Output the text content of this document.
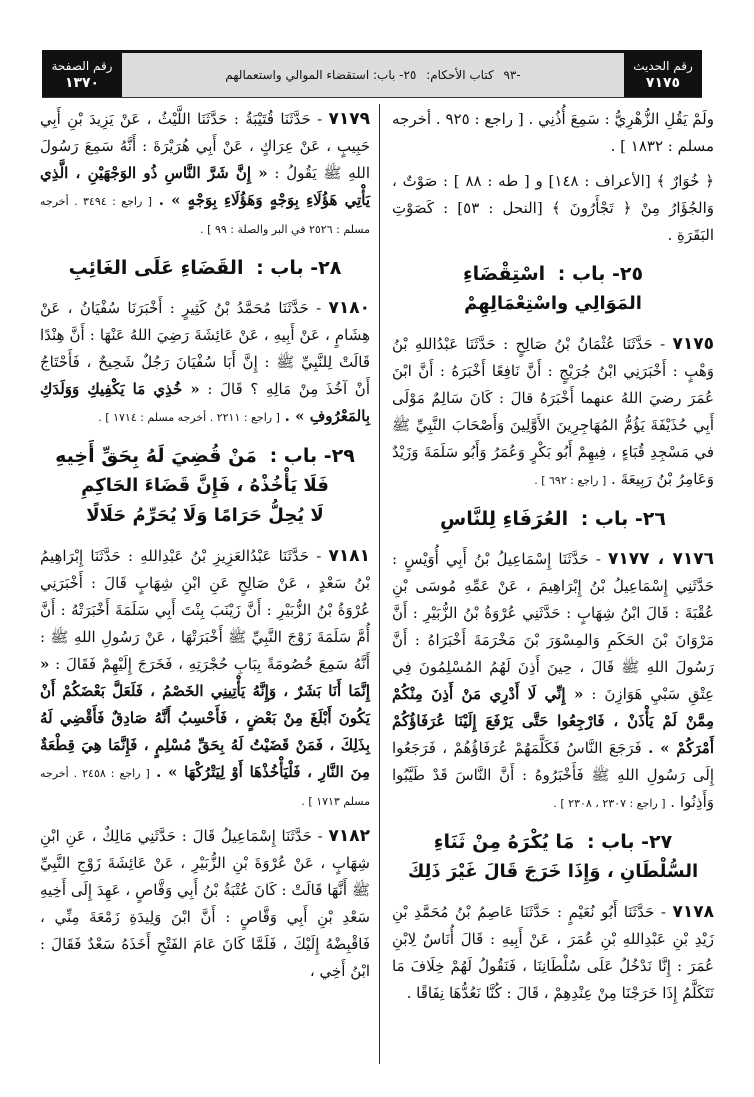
رقم الحديث
٧١٧٥
-٩٣ كتاب الأحكام: ٢٥- باب: استقضاء الموالي واستعمالهم
رقم الصفحة
١٣٧٠

ولَمْ يَقُلِ الزُّهْرِيُّ : سَمِعَ أُذُنِي . [ راجع : ٩٢٥ . أخرجه مسلم : ١٨٣٢ ] .

﴿ خُوَارٌ ﴾ [الأعراف : ١٤٨] و [ طه : ٨٨ ] : صَوْتٌ ، وَالجُؤَارُ مِنْ ﴿ تَجْأَرُونَ ﴾ [النحل : ٥٣] : كَصَوْتِ البَقَرَةِ .

٢٥- باب : اسْتِقْضَاءِ
المَوَالِي واسْتِعْمَالِهِمْ

٧١٧٥ - حَدَّثَنَا عُثْمَانُ بْنُ صَالِحٍ : حَدَّثَنَا عَبْدُاللهِ بْنُ وَهْبٍ : أَخْبَرَنِي ابْنُ جُرَيْجٍ : أَنَّ نَافِعًا أَخْبَرَهُ : أَنَّ ابْنَ عُمَرَ رضيَ اللهُ عنهما أَخْبَرَهُ قالَ : كَانَ سَالِمٌ مَوْلَى أَبِي حُذَيْفَةَ يَؤُمُّ المُهَاجِرِينَ الأَوَّلِينَ وَأَصْحَابَ النَّبِيِّ ﷺ في مَسْجِدِ قُبَاءٍ ، فِيهِمْ أَبُو بَكْرٍ وَعُمَرُ وَأَبُو سَلَمَةَ وَزَيْدٌ وَعَامِرُ بْنُ رَبِيعَةَ . [ راجع : ٦٩٢ ] .

٢٦- باب : العُرَفَاءِ لِلنَّاسِ

٧١٧٦ ، ٧١٧٧ - حَدَّثَنَا إِسْمَاعِيلُ بْنُ أَبِي أُوَيْسٍ : حَدَّثَنِي إِسْمَاعِيلُ بْنُ إِبْرَاهِيمَ ، عَنْ عَمِّهِ مُوسَى بْنِ عُقْبَةَ : قَالَ ابْنُ شِهَابٍ : حَدَّثَنِي عُرْوَةُ بْنُ الزُّبَيْرِ : أَنَّ مَرْوَانَ بْنَ الحَكَمِ وَالمِسْوَرَ بْنَ مَخْرَمَةَ أَخْبَرَاهُ : أَنَّ رَسُولَ اللهِ ﷺ قَالَ ، حِينَ أَذِنَ لَهُمُ المُسْلِمُونَ فِي عِتْقِ سَبْيِ هَوَازِنَ : « إِنِّي لَا أَدْرِي مَنْ أَذِنَ مِنْكُمْ مِمَّنْ لَمْ يَأْذَنْ ، فَارْجِعُوا حَتَّى يَرْفَعَ إِلَيْنَا عُرَفَاؤُكُمْ أَمْرَكُمْ » . فَرَجَعَ النَّاسُ فَكَلَّمَهُمْ عُرَفَاؤُهُمْ ، فَرَجَعُوا إِلَى رَسُولِ اللهِ ﷺ فَأَخْبَرُوهُ : أَنَّ النَّاسَ قَدْ طَيَّبُوا وَأَذِنُوا . [ راجع : ٢٣٠٧ ، ٢٣٠٨ ] .

٢٧- باب : مَا يُكْرَهُ مِنْ ثَنَاءِ
السُّلْطَانِ ، وَإِذَا خَرَجَ قَالَ غَيْرَ ذَلِكَ

٧١٧٨ - حَدَّثَنَا أَبُو نُعَيْمٍ : حَدَّثَنَا عَاصِمُ بْنُ مُحَمَّدِ بْنِ زَيْدِ بْنِ عَبْدِاللهِ بْنِ عُمَرَ ، عَنْ أَبِيهِ : قَالَ أُنَاسٌ لِابْنِ عُمَرَ : إِنَّا نَدْخُلُ عَلَى سُلْطَانِنَا ، فَنَقُولُ لَهُمْ خِلَافَ مَا نَتَكَلَّمُ إِذَا خَرَجْنَا مِنْ عِنْدِهِمْ ، قَالَ : كُنَّا نَعُدُّهَا نِفَاقًا .

٧١٧٩ - حَدَّثَنَا قُتَيْبَةُ : حَدَّثَنَا اللَّيْثُ ، عَنْ يَزِيدَ بْنِ أَبِي حَبِيبٍ ، عَنْ عِرَاكٍ ، عَنْ أَبِي هُرَيْرَةَ : أَنَّهُ سَمِعَ رَسُولَ اللهِ ﷺ يَقُولُ : « إِنَّ شَرَّ النَّاسِ ذُو الوَجْهَيْنِ ، الَّذِي يَأْتِي هَؤُلَاءِ بِوَجْهٍ وَهَؤُلَاءِ بِوَجْهٍ » . [ راجع : ٣٤٩٤ . أخرجه مسلم : ٢٥٢٦ في البر والصلة : ٩٩ ] .

٢٨- باب : القَضَاءِ عَلَى الغَائِبِ

٧١٨٠ - حَدَّثَنَا مُحَمَّدُ بْنُ كَثِيرٍ : أَخْبَرَنَا سُفْيَانُ ، عَنْ هِشَامٍ ، عَنْ أَبِيهِ ، عَنْ عَائِشَةَ رَضِيَ اللهُ عَنْهَا : أَنَّ هِنْدًا قَالَتْ لِلنَّبِيِّ ﷺ : إِنَّ أَبَا سُفْيَانَ رَجُلٌ شَحِيحٌ ، فَأَحْتَاجُ أَنْ آخُذَ مِنْ مَالِهِ ؟ قَالَ : « خُذِي مَا يَكْفِيكِ وَوَلَدَكِ بِالمَعْرُوفِ » . [ راجع : ٢٢١١ . أخرجه مسلم : ١٧١٤ ] .

٢٩- باب : مَنْ قُضِيَ لَهُ بِحَقِّ أَخِيهِ
فَلَا يَأْخُذْهُ ، فَإِنَّ قَضَاءَ الحَاكِمِ
لَا يُحِلُّ حَرَامًا وَلَا يُحَرِّمُ حَلَالًا

٧١٨١ - حَدَّثَنَا عَبْدُالعَزِيزِ بْنُ عَبْدِاللهِ : حَدَّثَنَا إِبْرَاهِيمُ بْنُ سَعْدٍ ، عَنْ صَالِحٍ عَنِ ابْنِ شِهَابٍ قَالَ : أَخْبَرَنِي عُرْوَةُ بْنُ الزُّبَيْرِ : أَنَّ زَيْنَبَ بِنْتَ أَبِي سَلَمَةَ أَخْبَرَتْهُ : أَنَّ أُمَّ سَلَمَةَ زَوْجَ النَّبِيِّ ﷺ أَخْبَرَتْهَا ، عَنْ رَسُولِ اللهِ ﷺ : أَنَّهُ سَمِعَ خُصُومَةً بِبَابِ حُجْرَتِهِ ، فَخَرَجَ إِلَيْهِمْ فَقَالَ : « إِنَّمَا أَنَا بَشَرٌ ، وَإِنَّهُ يَأْتِينِي الخَصْمُ ، فَلَعَلَّ بَعْضَكُمْ أَنْ يَكُونَ أَبْلَغَ مِنْ بَعْضٍ ، فَأَحْسِبُ أَنَّهُ صَادِقٌ فَأَقْضِي لَهُ بِذَلِكَ ، فَمَنْ قَضَيْتُ لَهُ بِحَقِّ مُسْلِمٍ ، فَإِنَّمَا هِيَ قِطْعَةٌ مِنَ النَّارِ ، فَلْيَأْخُذْهَا أَوْ لِيَتْرُكْهَا » . [ راجع : ٢٤٥٨ . أخرجه مسلم ١٧١٣ ] .

٧١٨٢ - حَدَّثَنَا إِسْمَاعِيلُ قَالَ : حَدَّثَنِي مَالِكٌ ، عَنِ ابْنِ شِهَابٍ ، عَنْ عُرْوَةَ بْنِ الزُّبَيْرِ ، عَنْ عَائِشَةَ زَوْجِ النَّبِيِّ ﷺ أَنَّهَا قَالَتْ : كَانَ عُتْبَةُ بْنُ أَبِي وَقَّاصٍ ، عَهِدَ إِلَى أَخِيهِ سَعْدِ بْنِ أَبِي وَقَّاصٍ : أَنَّ ابْنَ وَلِيدَةِ زَمْعَةَ مِنِّي ، فَاقْبِضْهُ إِلَيْكَ ، فَلَمَّا كَانَ عَامَ الفَتْحِ أَخَذَهُ سَعْدٌ فَقَالَ : ابْنُ أَخِي ،
